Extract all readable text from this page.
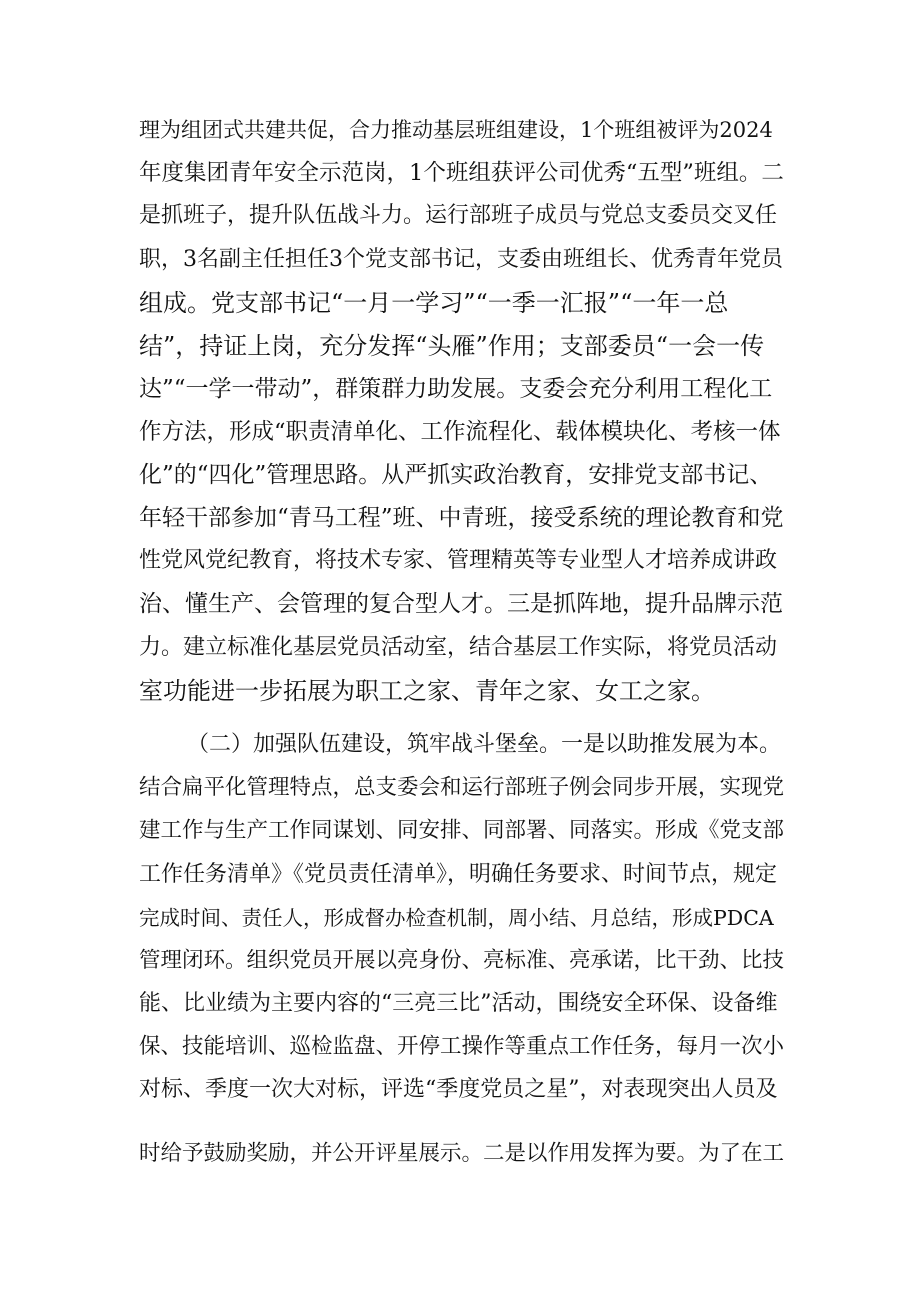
理为组团式共建共促，合力推动基层班组建设，1个班组被评为2024
年度集团青年安全示范岗，1个班组获评公司优秀“五型”班组。二
是抓班子，提升队伍战斗力。运行部班子成员与党总支委员交叉任
职，3名副主任担任3个党支部书记，支委由班组长、优秀青年党员
组成。党支部书记“一月一学习”“一季一汇报”“一年一总
结”，持证上岗，充分发挥“头雁”作用；支部委员“一会一传
达”“一学一带动”，群策群力助发展。支委会充分利用工程化工
作方法，形成“职责清单化、工作流程化、载体模块化、考核一体
化”的“四化”管理思路。从严抓实政治教育，安排党支部书记、
年轻干部参加“青马工程”班、中青班，接受系统的理论教育和党
性党风党纪教育，将技术专家、管理精英等专业型人才培养成讲政
治、懂生产、会管理的复合型人才。三是抓阵地，提升品牌示范
力。建立标准化基层党员活动室，结合基层工作实际，将党员活动
室功能进一步拓展为职工之家、青年之家、女工之家。
（二）加强队伍建设，筑牢战斗堡垒。一是以助推发展为本。
结合扁平化管理特点，总支委会和运行部班子例会同步开展，实现党
建工作与生产工作同谋划、同安排、同部署、同落实。形成《党支部
工作任务清单》《党员责任清单》，明确任务要求、时间节点，规定
完成时间、责任人，形成督办检查机制，周小结、月总结，形成PDCA
管理闭环。组织党员开展以亮身份、亮标准、亮承诺，比干劲、比技
能、比业绩为主要内容的“三亮三比”活动，围绕安全环保、设备维
保、技能培训、巡检监盘、开停工操作等重点工作任务，每月一次小
对标、季度一次大对标，评选“季度党员之星”，对表现突出人员及
时给予鼓励奖励，并公开评星展示。二是以作用发挥为要。为了在工
